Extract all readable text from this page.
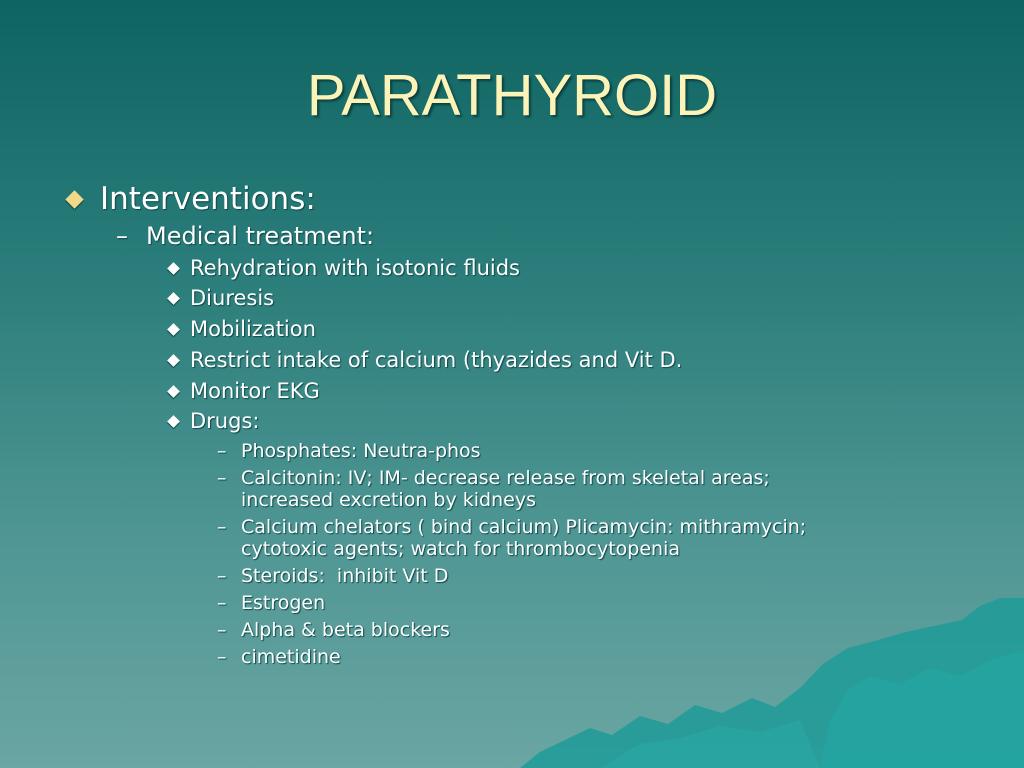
PARATHYROID
Interventions:
– Medical treatment:
Rehydration with isotonic fluids
Diuresis
Mobilization
Restrict intake of calcium (thyazides and Vit D.
Monitor EKG
Drugs:
– Phosphates: Neutra-phos
– Calcitonin: IV; IM- decrease release from skeletal areas;
increased excretion by kidneys
– Calcium chelators ( bind calcium) Plicamycin: mithramycin;
cytotoxic agents; watch for thrombocytopenia
– Steroids:  inhibit Vit D
– Estrogen
– Alpha & beta blockers
– cimetidine
